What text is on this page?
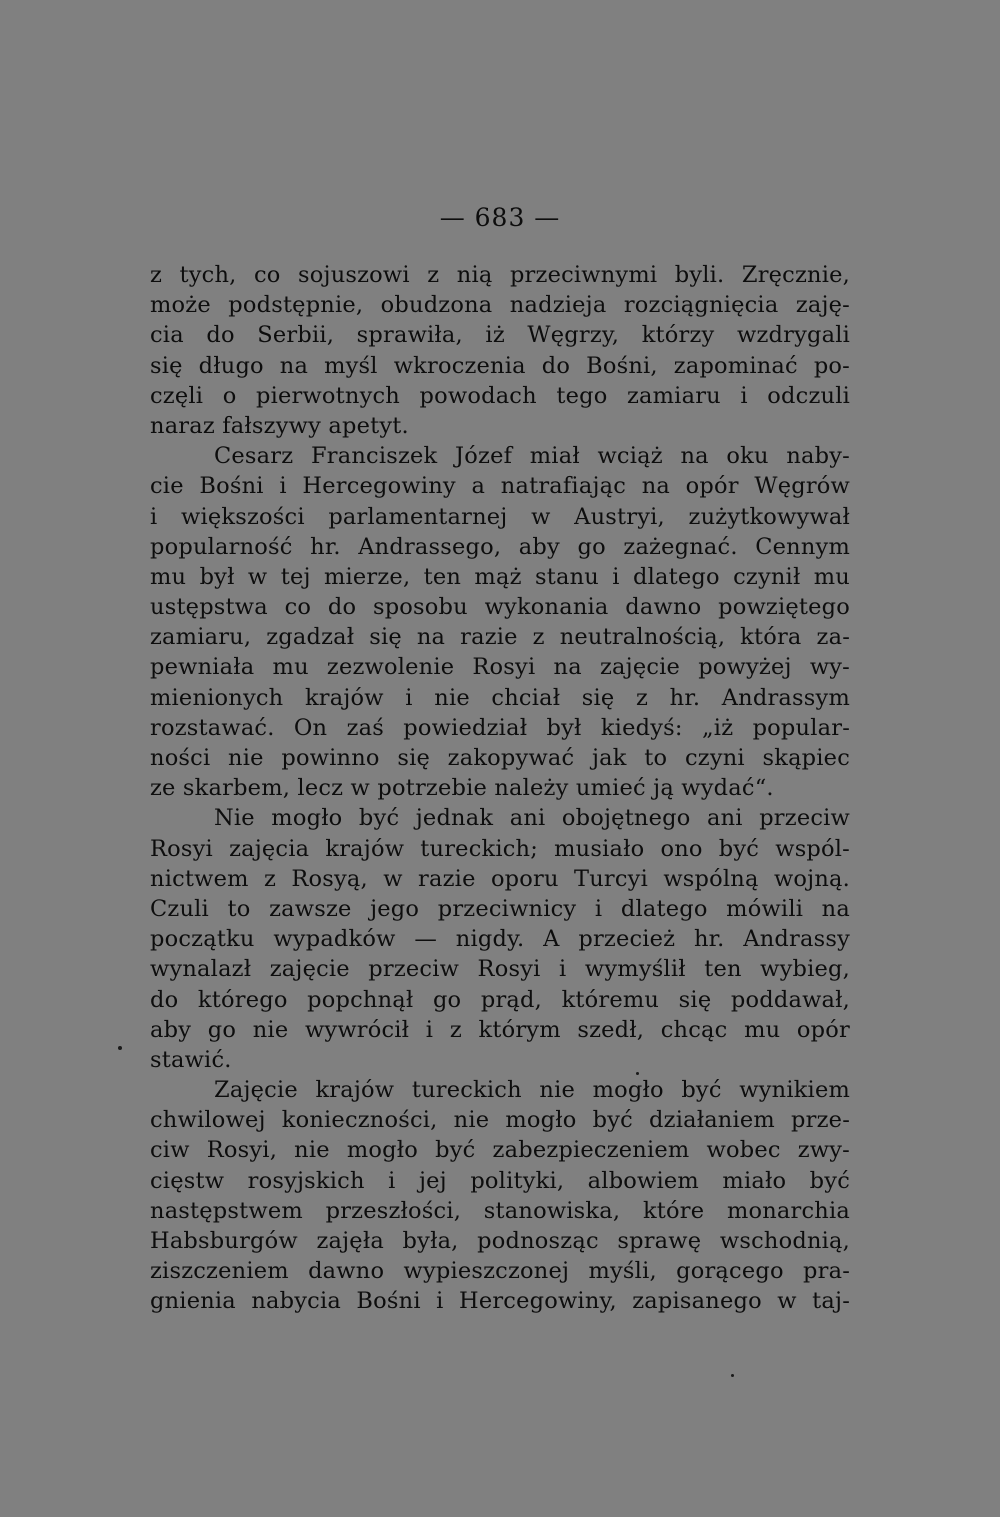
— 683 —
z tych, co sojuszowi z nią przeciwnymi byli. Zręcznie,
może podstępnie, obudzona nadzieja rozciągnięcia zaję-
cia do Serbii, sprawiła, iż Węgrzy, którzy wzdrygali
się długo na myśl wkroczenia do Bośni, zapominać po-
częli o pierwotnych powodach tego zamiaru i odczuli
naraz fałszywy apetyt.
Cesarz Franciszek Józef miał wciąż na oku naby-
cie Bośni i Hercegowiny a natrafiając na opór Węgrów
i większości parlamentarnej w Austryi, zużytkowywał
popularność hr. Andrassego, aby go zażegnać. Cennym
mu był w tej mierze, ten mąż stanu i dlatego czynił mu
ustępstwa co do sposobu wykonania dawno powziętego
zamiaru, zgadzał się na razie z neutralnością, która za-
pewniała mu zezwolenie Rosyi na zajęcie powyżej wy-
mienionych krajów i nie chciał się z hr. Andrassym
rozstawać. On zaś powiedział był kiedyś: „iż popular-
ności nie powinno się zakopywać jak to czyni skąpiec
ze skarbem, lecz w potrzebie należy umieć ją wydać“.
Nie mogło być jednak ani obojętnego ani przeciw
Rosyi zajęcia krajów tureckich; musiało ono być wspól-
nictwem z Rosyą, w razie oporu Turcyi wspólną wojną.
Czuli to zawsze jego przeciwnicy i dlatego mówili na
początku wypadków — nigdy. A przecież hr. Andrassy
wynalazł zajęcie przeciw Rosyi i wymyślił ten wybieg,
do którego popchnął go prąd, któremu się poddawał,
aby go nie wywrócił i z którym szedł, chcąc mu opór
stawić.
Zajęcie krajów tureckich nie mogło być wynikiem
chwilowej konieczności, nie mogło być działaniem prze-
ciw Rosyi, nie mogło być zabezpieczeniem wobec zwy-
cięstw rosyjskich i jej polityki, albowiem miało być
następstwem przeszłości, stanowiska, które monarchia
Habsburgów zajęła była, podnosząc sprawę wschodnią,
ziszczeniem dawno wypieszczonej myśli, gorącego pra-
gnienia nabycia Bośni i Hercegowiny, zapisanego w taj-
